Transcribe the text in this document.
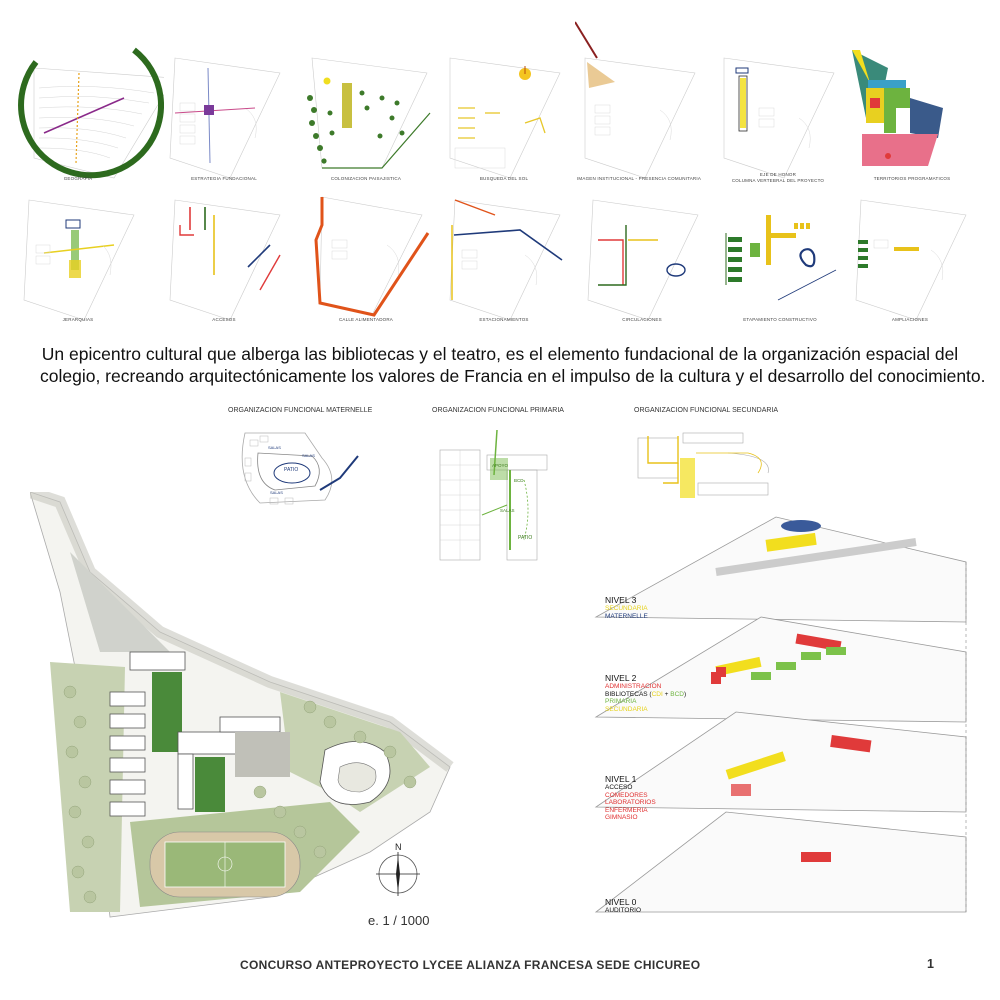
GEOGRAFIA	ESTRATEGIA FUNDACIONAL	COLONIZACION PAISAJISTICA	BUSQUEDA DEL SOL	IMAGEN INSTITUCIONAL - PRESENCIA COMUNITARIA
EJE DE HONOR
COLUMNA VERTEBRAL DEL PROYECTO	TERRITORIOS PROGRAMATICOS
JERARQUIAS	ACCESOS	CALLE ALIMENTADORA	ESTACIONAMIENTOS	CIRCULACIONES	ETAPAMIENTO CONSTRUCTIVO	AMPLIACIONES
Un epicentro cultural que alberga las bibliotecas y el teatro, es el elemento fundacional de la organización espacial del
colegio, recreando arquitectónicamente los valores de Francia en el impulso de la cultura y el desarrollo del conocimiento.
ORGANIZACION FUNCIONAL MATERNELLE
PATIO
SALAS
SALAS
SALAS
ORGANIZACION FUNCIONAL PRIMARIA
APOYO
SALAS
BCD
PATIO
ORGANIZACION FUNCIONAL SECUNDARIA
N
e. 1 / 1000
NIVEL 3
SECUNDARIA
MATERNELLE
NIVEL 2
ADMINISTRACION
BIBLIOTECAS (CDI + BCD)
PRIMARIA
SECUNDARIA
NIVEL 1
ACCESO
COMEDORES
LABORATORIOS
ENFERMERIA
GIMNASIO
NIVEL 0
AUDITORIO
CONCURSO ANTEPROYECTO LYCEE ALIANZA FRANCESA SEDE CHICUREO	1
